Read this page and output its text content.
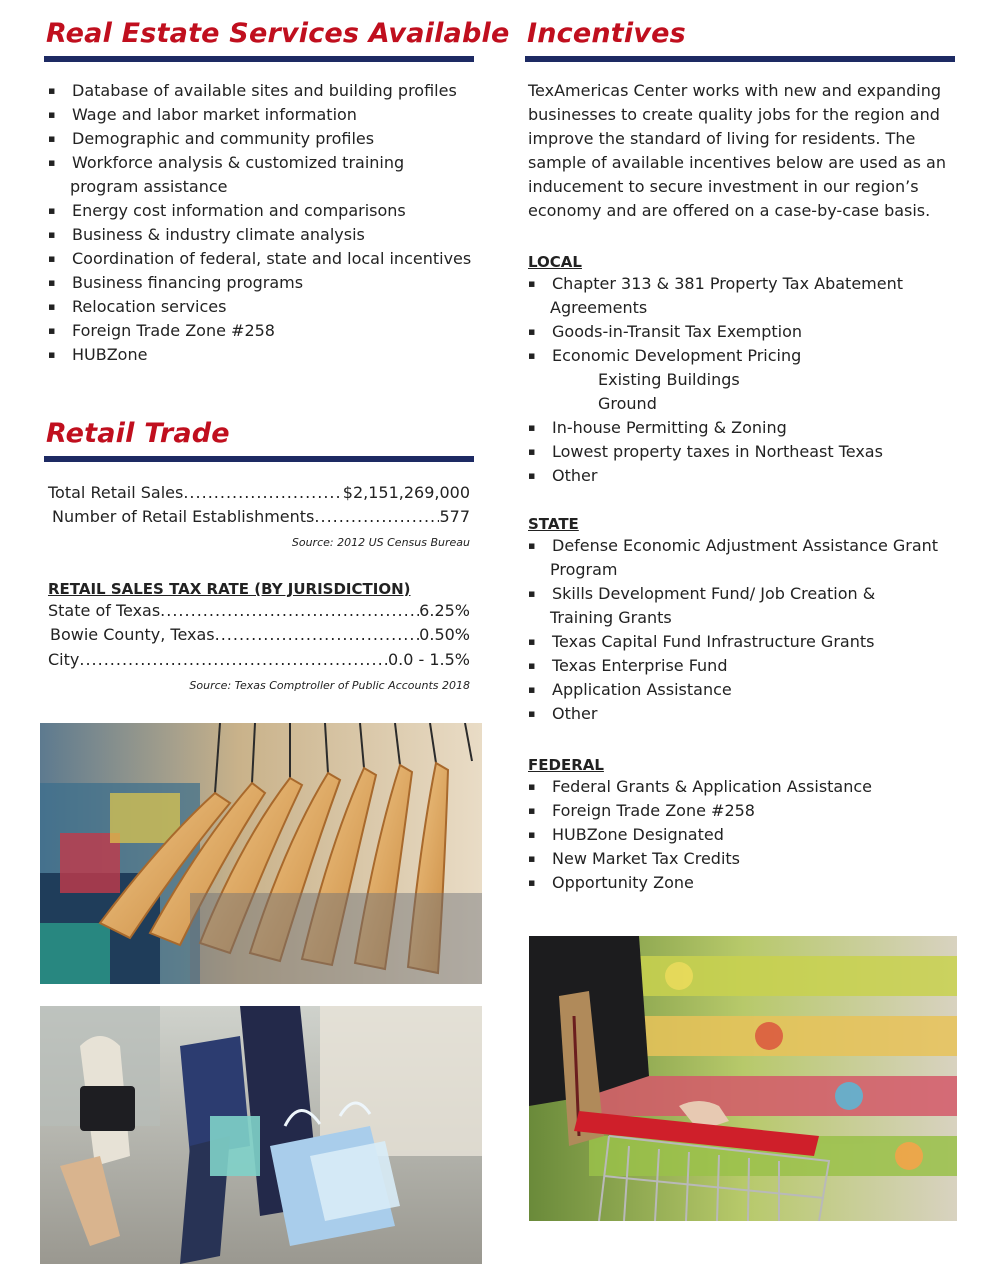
Real Estate Services Available
▪ Database of available sites and building profiles
▪ Wage and labor market information
▪ Demographic and community profiles
▪ Workforce analysis & customized training
program assistance
▪ Energy cost information and comparisons
▪ Business & industry climate analysis
▪ Coordination of federal, state and local incentives
▪ Business financing programs
▪ Relocation services
▪ Foreign Trade Zone #258
▪ HUBZone
Retail Trade
Total Retail Sales .....	$2,151,269,000
Number of Retail Establishments .....	577

Source: 2012 US Census Bureau

RETAIL SALES TAX RATE (BY JURISDICTION)

State of Texas .....	6.25%
Bowie County, Texas .....	0.50%
City .....	0.0 - 1.5%

Source: Texas Comptroller of Public Accounts 2018

Incentives
TexAmericas Center works with new and expanding
businesses to create quality jobs for the region and
improve the standard of living for residents. The
sample of available incentives below are used as an
inducement to secure investment in our region’s
economy and are offered on a case-by-case basis.

LOCAL

▪ Chapter 313 & 381 Property Tax Abatement
Agreements
▪ Goods-in-Transit Tax Exemption
▪ Economic Development Pricing
Existing Buildings
Ground
▪ In-house Permitting & Zoning
▪ Lowest property taxes in Northeast Texas
▪ Other

STATE

▪ Defense Economic Adjustment Assistance Grant
Program
▪ Skills Development Fund/ Job Creation &
Training Grants
▪ Texas Capital Fund Infrastructure Grants
▪ Texas Enterprise Fund
▪ Application Assistance
▪ Other

FEDERAL

▪ Federal Grants & Application Assistance
▪ Foreign Trade Zone #258
▪ HUBZone Designated
▪ New Market Tax Credits
▪ Opportunity Zone
